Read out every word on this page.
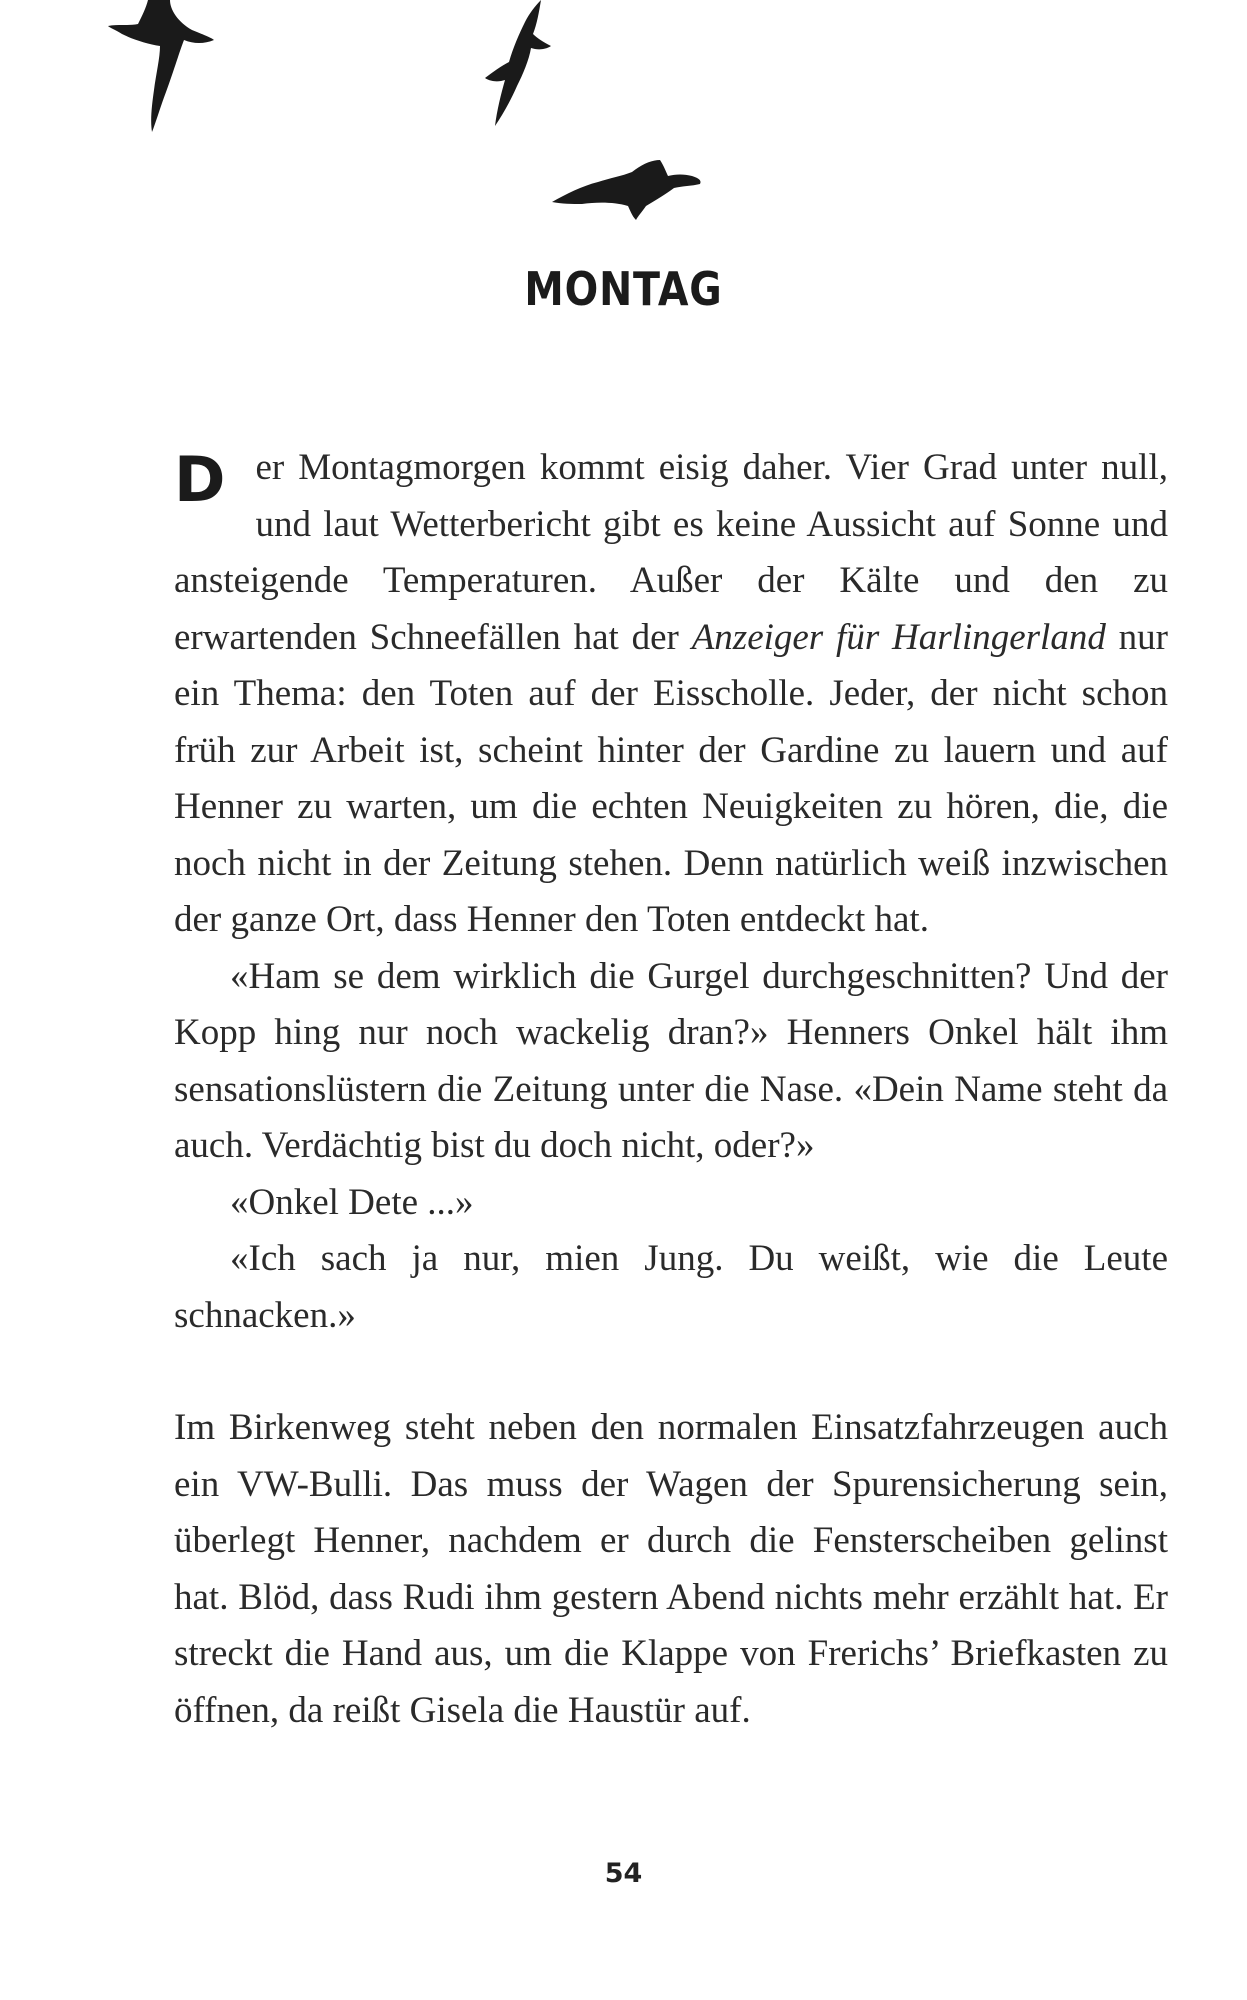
MONTAG

Der Montagmorgen kommt eisig daher. Vier Grad unter null, und laut Wetterbericht gibt es keine Aussicht auf Sonne und ansteigende Temperaturen. Außer der Kälte und den zu erwartenden Schneefällen hat der Anzeiger für Harlingerland nur ein Thema: den Toten auf der Eisscholle. Jeder, der nicht schon früh zur Arbeit ist, scheint hinter der Gardine zu lauern und auf Henner zu warten, um die echten Neuigkeiten zu hören, die, die noch nicht in der Zeitung stehen. Denn natürlich weiß inzwischen der ganze Ort, dass Henner den Toten entdeckt hat.

«Ham se dem wirklich die Gurgel durchgeschnitten? Und der Kopp hing nur noch wackelig dran?» Henners Onkel hält ihm sensationslüstern die Zeitung unter die Nase. «Dein Name steht da auch. Verdächtig bist du doch nicht, oder?»

«Onkel Dete ...»

«Ich sach ja nur, mien Jung. Du weißt, wie die Leute schnacken.»

Im Birkenweg steht neben den normalen Einsatzfahrzeugen auch ein VW-Bulli. Das muss der Wagen der Spurensicherung sein, überlegt Henner, nachdem er durch die Fensterscheiben gelinst hat. Blöd, dass Rudi ihm gestern Abend nichts mehr erzählt hat. Er streckt die Hand aus, um die Klappe von Frerichs’ Briefkasten zu öffnen, da reißt Gisela die Haustür auf.

54
